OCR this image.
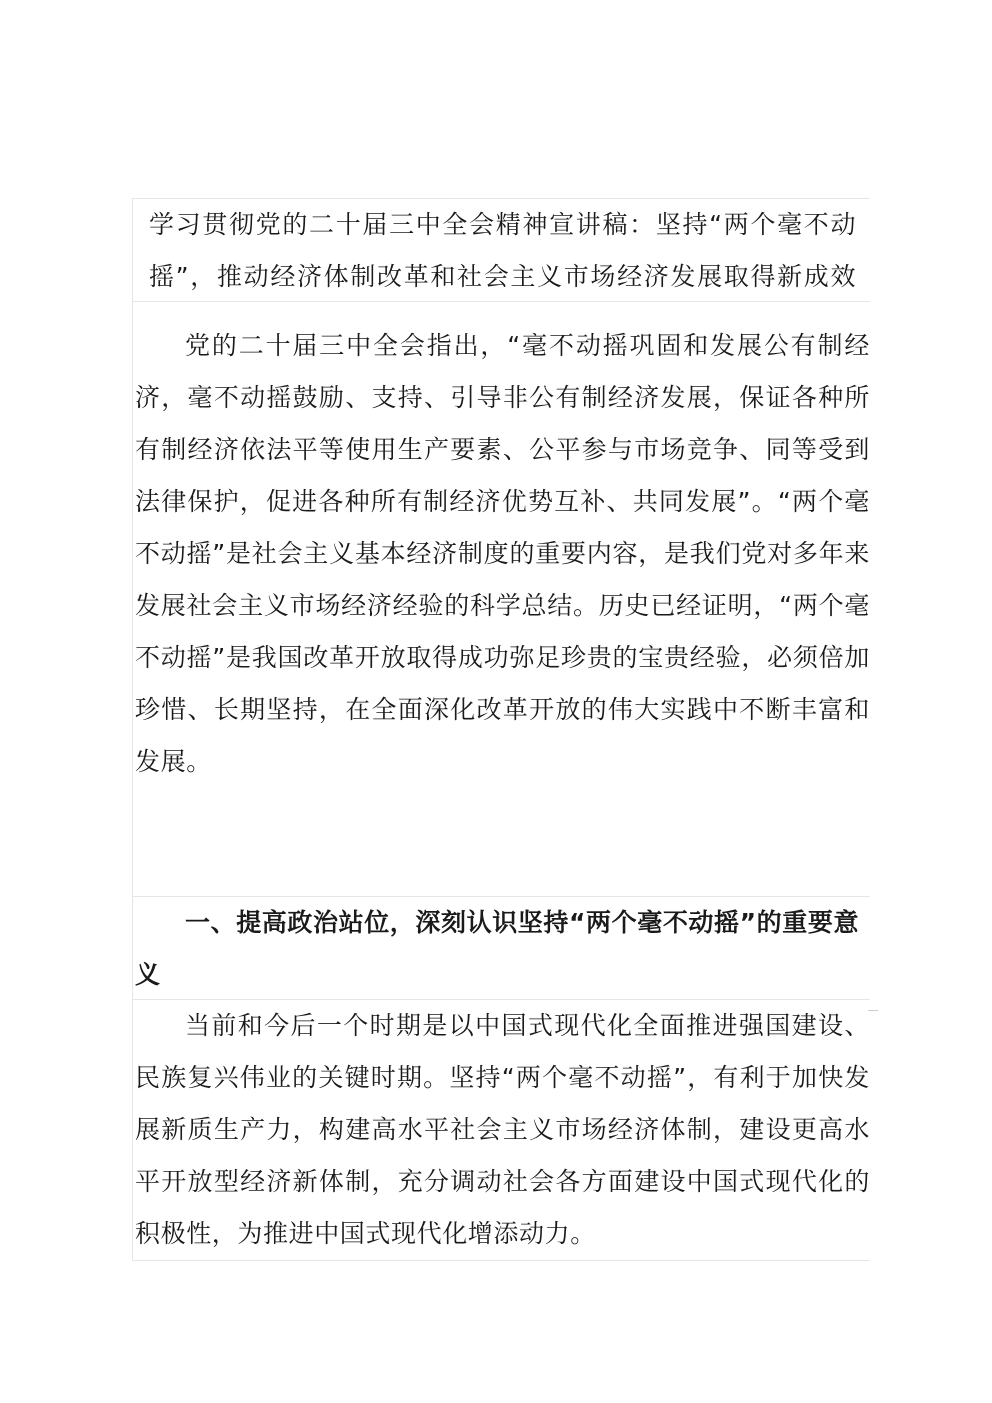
学习贯彻党的二十届三中全会精神宣讲稿：坚持“两个毫不动摇”，推动经济体制改革和社会主义市场经济发展取得新成效

党的二十届三中全会指出，“毫不动摇巩固和发展公有制经济，毫不动摇鼓励、支持、引导非公有制经济发展，保证各种所有制经济依法平等使用生产要素、公平参与市场竞争、同等受到法律保护，促进各种所有制经济优势互补、共同发展”。“两个毫不动摇”是社会主义基本经济制度的重要内容，是我们党对多年来发展社会主义市场经济经验的科学总结。历史已经证明，“两个毫不动摇”是我国改革开放取得成功弥足珍贵的宝贵经验，必须倍加珍惜、长期坚持，在全面深化改革开放的伟大实践中不断丰富和发展。

一、提高政治站位，深刻认识坚持“两个毫不动摇”的重要意义

当前和今后一个时期是以中国式现代化全面推进强国建设、民族复兴伟业的关键时期。坚持“两个毫不动摇”，有利于加快发展新质生产力，构建高水平社会主义市场经济体制，建设更高水平开放型经济新体制，充分调动社会各方面建设中国式现代化的积极性，为推进中国式现代化增添动力。
